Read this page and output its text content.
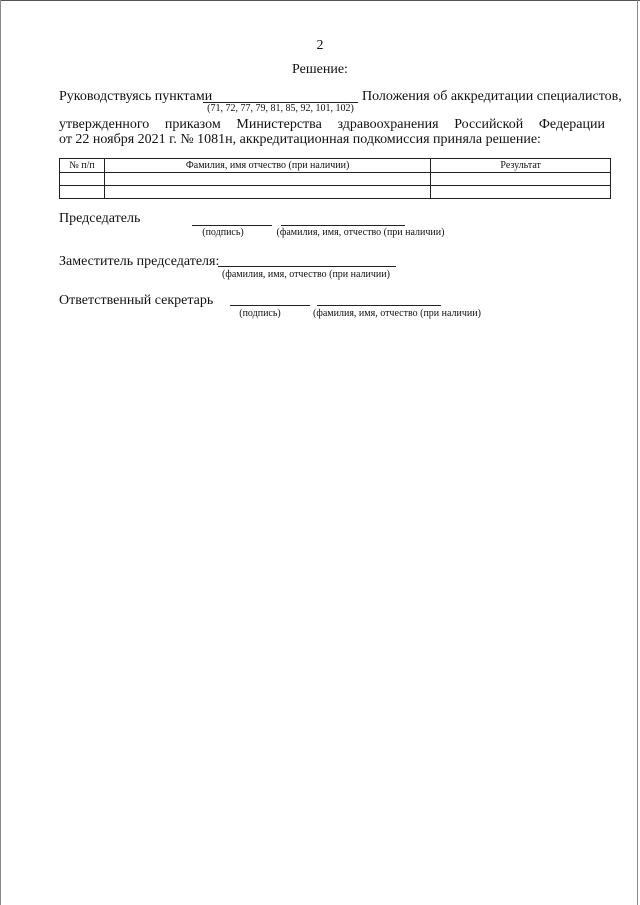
2
Решение:
Руководствуясь пунктами
(71, 72, 77, 79, 81, 85, 92, 101, 102)
Положения об аккредитации специалистов,
утвержденного приказом Министерства здравоохранения Российской Федерации
от 22 ноября 2021 г. № 1081н, аккредитационная подкомиссия приняла решение:
№ п/п	Фамилия, имя отчество (при наличии)	Результат

Председатель
(подпись)	(фамилия, имя, отчество (при наличии)
Заместитель председателя:
(фамилия, имя, отчество (при наличии)
Ответственный секретарь
(подпись)	(фамилия, имя, отчество (при наличии)
